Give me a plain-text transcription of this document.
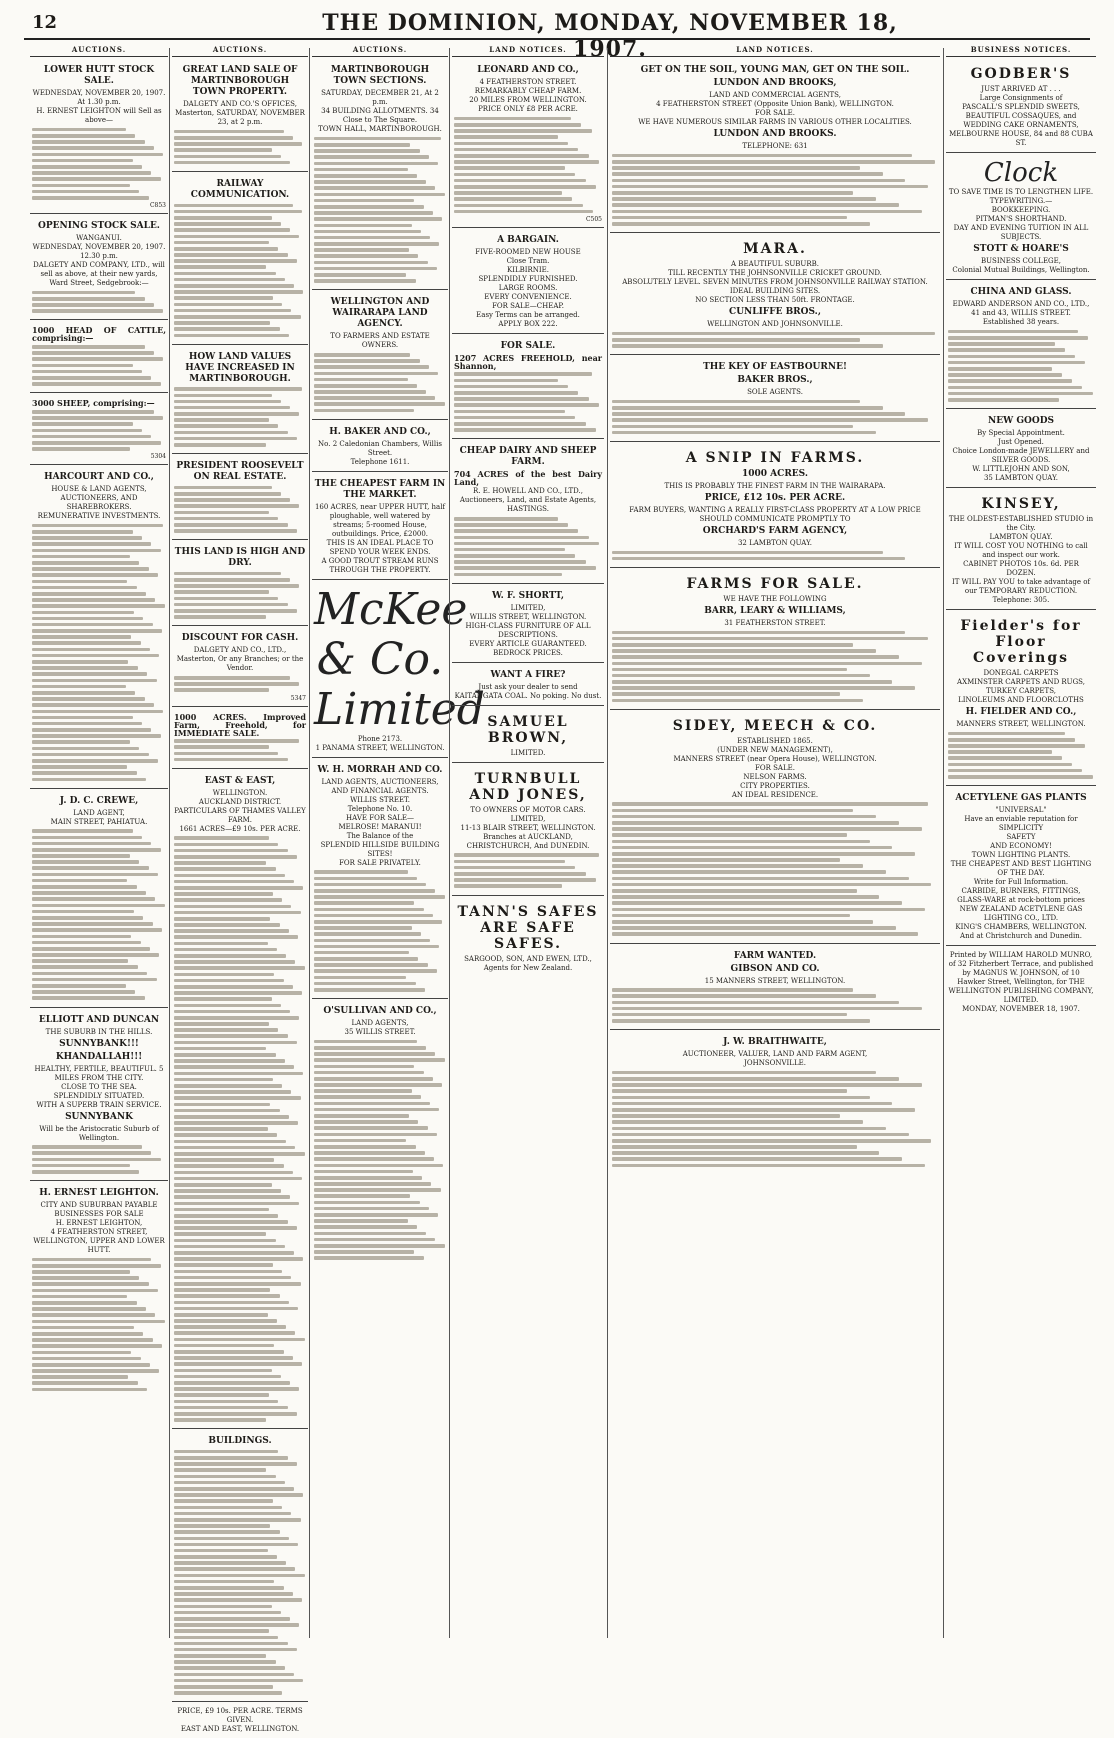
12	THE DOMINION, MONDAY, NOVEMBER 18, 1907.
AUCTIONS.
LOWER HUTT STOCK SALE.
WEDNESDAY, NOVEMBER 20, 1907.
At 1.30 p.m.
H. ERNEST LEIGHTON will Sell as above—
C853
OPENING STOCK SALE.
WANGANUI.
WEDNESDAY, NOVEMBER 20, 1907.
12.30 p.m.
DALGETY AND COMPANY, LTD., will sell as above, at their new yards, Ward Street, Sedgebrook:—
1000 HEAD OF CATTLE, comprising:—
3000 SHEEP, comprising:—
5304
HARCOURT AND CO.,
HOUSE & LAND AGENTS, AUCTIONEERS, AND SHAREBROKERS.
REMUNERATIVE INVESTMENTS.
J. D. C. CREWE,
LAND AGENT,
MAIN STREET, PAHIATUA.
ELLIOTT AND DUNCAN
THE SUBURB IN THE HILLS.
SUNNYBANK!!!
KHANDALLAH!!!
HEALTHY, FERTILE, BEAUTIFUL. 5 MILES FROM THE CITY.
CLOSE TO THE SEA.
SPLENDIDLY SITUATED.
WITH A SUPERB TRAIN SERVICE.
SUNNYBANK
Will be the Aristocratic Suburb of Wellington.
H. ERNEST LEIGHTON.
CITY AND SUBURBAN PAYABLE BUSINESSES FOR SALE
H. ERNEST LEIGHTON,
4 FEATHERSTON STREET, WELLINGTON, UPPER AND LOWER HUTT.
AUCTIONS.
GREAT LAND SALE OF MARTINBOROUGH TOWN PROPERTY.
DALGETY AND CO.'S OFFICES, Masterton, SATURDAY, NOVEMBER 23, at 2 p.m.
RAILWAY COMMUNICATION.
HOW LAND VALUES HAVE INCREASED IN MARTINBOROUGH.
PRESIDENT ROOSEVELT ON REAL ESTATE.
THIS LAND IS HIGH AND DRY.
DISCOUNT FOR CASH.
DALGETY AND CO., LTD., Masterton, Or any Branches; or the Vendor.
5347
1000 ACRES. Improved Farm, Freehold, for IMMEDIATE SALE.
EAST & EAST,
WELLINGTON.
AUCKLAND DISTRICT.
PARTICULARS OF THAMES VALLEY FARM.
1661 ACRES—£9 10s. PER ACRE.
BUILDINGS.
PRICE, £9 10s. PER ACRE. TERMS GIVEN.
EAST AND EAST, WELLINGTON.
AUCTIONS.
MARTINBOROUGH TOWN SECTIONS.
SATURDAY, DECEMBER 21, At 2 p.m.
34 BUILDING ALLOTMENTS. 34
Close to The Square.
TOWN HALL, MARTINBOROUGH.
WELLINGTON AND WAIRARAPA LAND AGENCY.
TO FARMERS AND ESTATE OWNERS.
H. BAKER AND CO.,
No. 2 Caledonian Chambers, Willis Street.
Telephone 1611.
THE CHEAPEST FARM IN THE MARKET.
160 ACRES, near UPPER HUTT, half ploughable, well watered by streams; 5-roomed House, outbuildings. Price, £2000.
THIS IS AN IDEAL PLACE TO SPEND YOUR WEEK ENDS.
A GOOD TROUT STREAM RUNS THROUGH THE PROPERTY.
McKee & Co. Limited
Phone 2173.
1 PANAMA STREET, WELLINGTON.
W. H. MORRAH AND CO.
LAND AGENTS, AUCTIONEERS, AND FINANCIAL AGENTS.
WILLIS STREET.
Telephone No. 10.
HAVE FOR SALE—
MELROSE! MARANUI!
The Balance of the
SPLENDID HILLSIDE BUILDING SITES!
FOR SALE PRIVATELY.
O'SULLIVAN AND CO.,
LAND AGENTS,
35 WILLIS STREET.
LAND NOTICES.
LEONARD AND CO.,
4 FEATHERSTON STREET.
REMARKABLY CHEAP FARM.
20 MILES FROM WELLINGTON.
PRICE ONLY £8 PER ACRE.
C505
A BARGAIN.
FIVE-ROOMED NEW HOUSE
Close Tram.
KILBIRNIE.
SPLENDIDLY FURNISHED.
LARGE ROOMS.
EVERY CONVENIENCE.
FOR SALE—CHEAP.
Easy Terms can be arranged.
APPLY BOX 222.
FOR SALE.
1207 ACRES FREEHOLD, near Shannon,
CHEAP DAIRY AND SHEEP FARM.
704 ACRES of the best Dairy Land,
R. E. HOWELL AND CO., LTD.,
Auctioneers, Land, and Estate Agents, HASTINGS.
W. F. SHORTT,
LIMITED,
WILLIS STREET, WELLINGTON.
HIGH-CLASS FURNITURE OF ALL DESCRIPTIONS.
EVERY ARTICLE GUARANTEED.
BEDROCK PRICES.
WANT A FIRE?
Just ask your dealer to send KAITANGATA COAL. No poking. No dust.
SAMUEL BROWN,
LIMITED.
TURNBULL AND JONES,
TO OWNERS OF MOTOR CARS.
LIMITED,
11-13 BLAIR STREET, WELLINGTON.
Branches at AUCKLAND, CHRISTCHURCH, And DUNEDIN.
TANN'S SAFES ARE SAFE SAFES.
SARGOOD, SON, AND EWEN, LTD.,
Agents for New Zealand.
LAND NOTICES.
GET ON THE SOIL, YOUNG MAN, GET ON THE SOIL.
LUNDON AND BROOKS,
LAND AND COMMERCIAL AGENTS,
4 FEATHERSTON STREET (Opposite Union Bank), WELLINGTON.
FOR SALE.
WE HAVE NUMEROUS SIMILAR FARMS IN VARIOUS OTHER LOCALITIES.
LUNDON AND BROOKS.
TELEPHONE: 631
MARA.
A BEAUTIFUL SUBURB.
TILL RECENTLY THE JOHNSONVILLE CRICKET GROUND.
ABSOLUTELY LEVEL. SEVEN MINUTES FROM JOHNSONVILLE RAILWAY STATION.
IDEAL BUILDING SITES.
NO SECTION LESS THAN 50ft. FRONTAGE.
CUNLIFFE BROS.,
WELLINGTON AND JOHNSONVILLE.
THE KEY OF EASTBOURNE!
BAKER BROS.,
SOLE AGENTS.
A SNIP IN FARMS.
1000 ACRES.
THIS IS PROBABLY THE FINEST FARM IN THE WAIRARAPA.
PRICE, £12 10s. PER ACRE.
FARM BUYERS, WANTING A REALLY FIRST-CLASS PROPERTY AT A LOW PRICE SHOULD COMMUNICATE PROMPTLY TO
ORCHARD'S FARM AGENCY,
32 LAMBTON QUAY.
FARMS FOR SALE.
WE HAVE THE FOLLOWING
BARR, LEARY & WILLIAMS,
31 FEATHERSTON STREET.
SIDEY, MEECH & CO.
ESTABLISHED 1865.
(UNDER NEW MANAGEMENT),
MANNERS STREET (near Opera House), WELLINGTON.
FOR SALE.
NELSON FARMS.
CITY PROPERTIES.
AN IDEAL RESIDENCE.
FARM WANTED.
GIBSON AND CO.
15 MANNERS STREET, WELLINGTON.
J. W. BRAITHWAITE,
AUCTIONEER, VALUER, LAND AND FARM AGENT,
JOHNSONVILLE.
BUSINESS NOTICES.
GODBER'S
JUST ARRIVED AT . . .
Large Consignments of
PASCALL'S SPLENDID SWEETS,
BEAUTIFUL COSSAQUES, and
WEDDING CAKE ORNAMENTS,
MELBOURNE HOUSE, 84 and 88 CUBA ST.
Clock
TO SAVE TIME IS TO LENGTHEN LIFE.
TYPEWRITING.—
BOOKKEEPING.
PITMAN'S SHORTHAND.
DAY AND EVENING TUITION IN ALL SUBJECTS.
STOTT & HOARE'S
BUSINESS COLLEGE,
Colonial Mutual Buildings, Wellington.
CHINA AND GLASS.
EDWARD ANDERSON AND CO., LTD.,
41 and 43, WILLIS STREET.
Established 38 years.
NEW GOODS
By Special Appointment.
Just Opened.
Choice London-made JEWELLERY and SILVER GOODS.
W. LITTLEJOHN AND SON,
35 LAMBTON QUAY.
KINSEY,
THE OLDEST-ESTABLISHED STUDIO in the City.
LAMBTON QUAY.
IT WILL COST YOU NOTHING to call and inspect our work.
CABINET PHOTOS 10s. 6d. PER DOZEN.
IT WILL PAY YOU to take advantage of our TEMPORARY REDUCTION.
Telephone: 305.
Fielder's for Floor Coverings
DONEGAL CARPETS
AXMINSTER CARPETS AND RUGS,
TURKEY CARPETS,
LINOLEUMS AND FLOORCLOTHS
H. FIELDER AND CO.,
MANNERS STREET, WELLINGTON.
ACETYLENE GAS PLANTS
"UNIVERSAL"
Have an enviable reputation for
SIMPLICITY
SAFETY
AND ECONOMY!
TOWN LIGHTING PLANTS.
THE CHEAPEST AND BEST LIGHTING OF THE DAY.
Write for Full Information.
CARBIDE, BURNERS, FITTINGS, GLASS-WARE at rock-bottom prices
NEW ZEALAND ACETYLENE GAS LIGHTING CO., LTD.
KING'S CHAMBERS, WELLINGTON.
And at Christchurch and Dunedin.
Printed by WILLIAM HAROLD MUNRO, of 32 Fitzherbert Terrace, and published by MAGNUS W. JOHNSON, of 10 Hawker Street, Wellington, for THE WELLINGTON PUBLISHING COMPANY, LIMITED.
MONDAY, NOVEMBER 18, 1907.
